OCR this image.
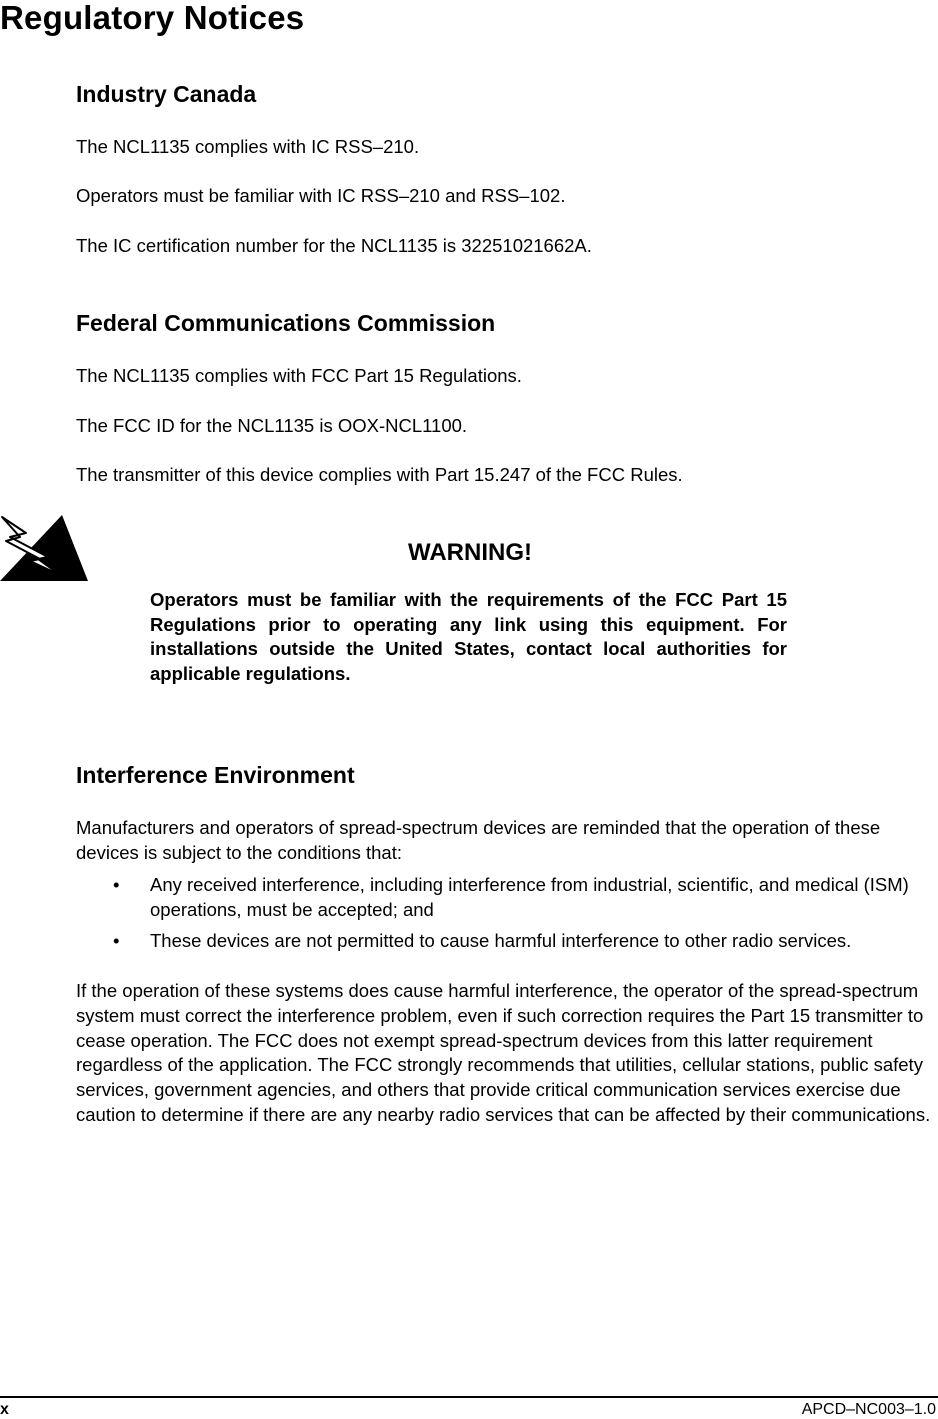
Regulatory Notices
Industry Canada

The NCL1135 complies with IC RSS–210.

Operators must be familiar with IC RSS–210 and RSS–102.

The IC certification number for the NCL1135 is 32251021662A.

Federal Communications Commission

The NCL1135 complies with FCC Part 15 Regulations.

The FCC ID for the NCL1135 is OOX-NCL1100.

The transmitter of this device complies with Part 15.247 of the FCC Rules.

WARNING!

Operators must be familiar with the requirements of the FCC Part 15 Regulations prior to operating any link using this equipment. For installations outside the United States, contact local authorities for applicable regulations.

Interference Environment

Manufacturers and operators of spread-spectrum devices are reminded that the operation of these devices is subject to the conditions that:

• Any received interference, including interference from industrial, scientific, and medical (ISM) operations, must be accepted; and
• These devices are not permitted to cause harmful interference to other radio services.

If the operation of these systems does cause harmful interference, the operator of the spread-spectrum system must correct the interference problem, even if such correction requires the Part 15 transmitter to cease operation. The FCC does not exempt spread-spectrum devices from this latter requirement regardless of the application. The FCC strongly recommends that utilities, cellular stations, public safety services, government agencies, and others that provide critical communication services exercise due caution to determine if there are any nearby radio services that can be affected by their communications.

x	APCD–NC003–1.0
